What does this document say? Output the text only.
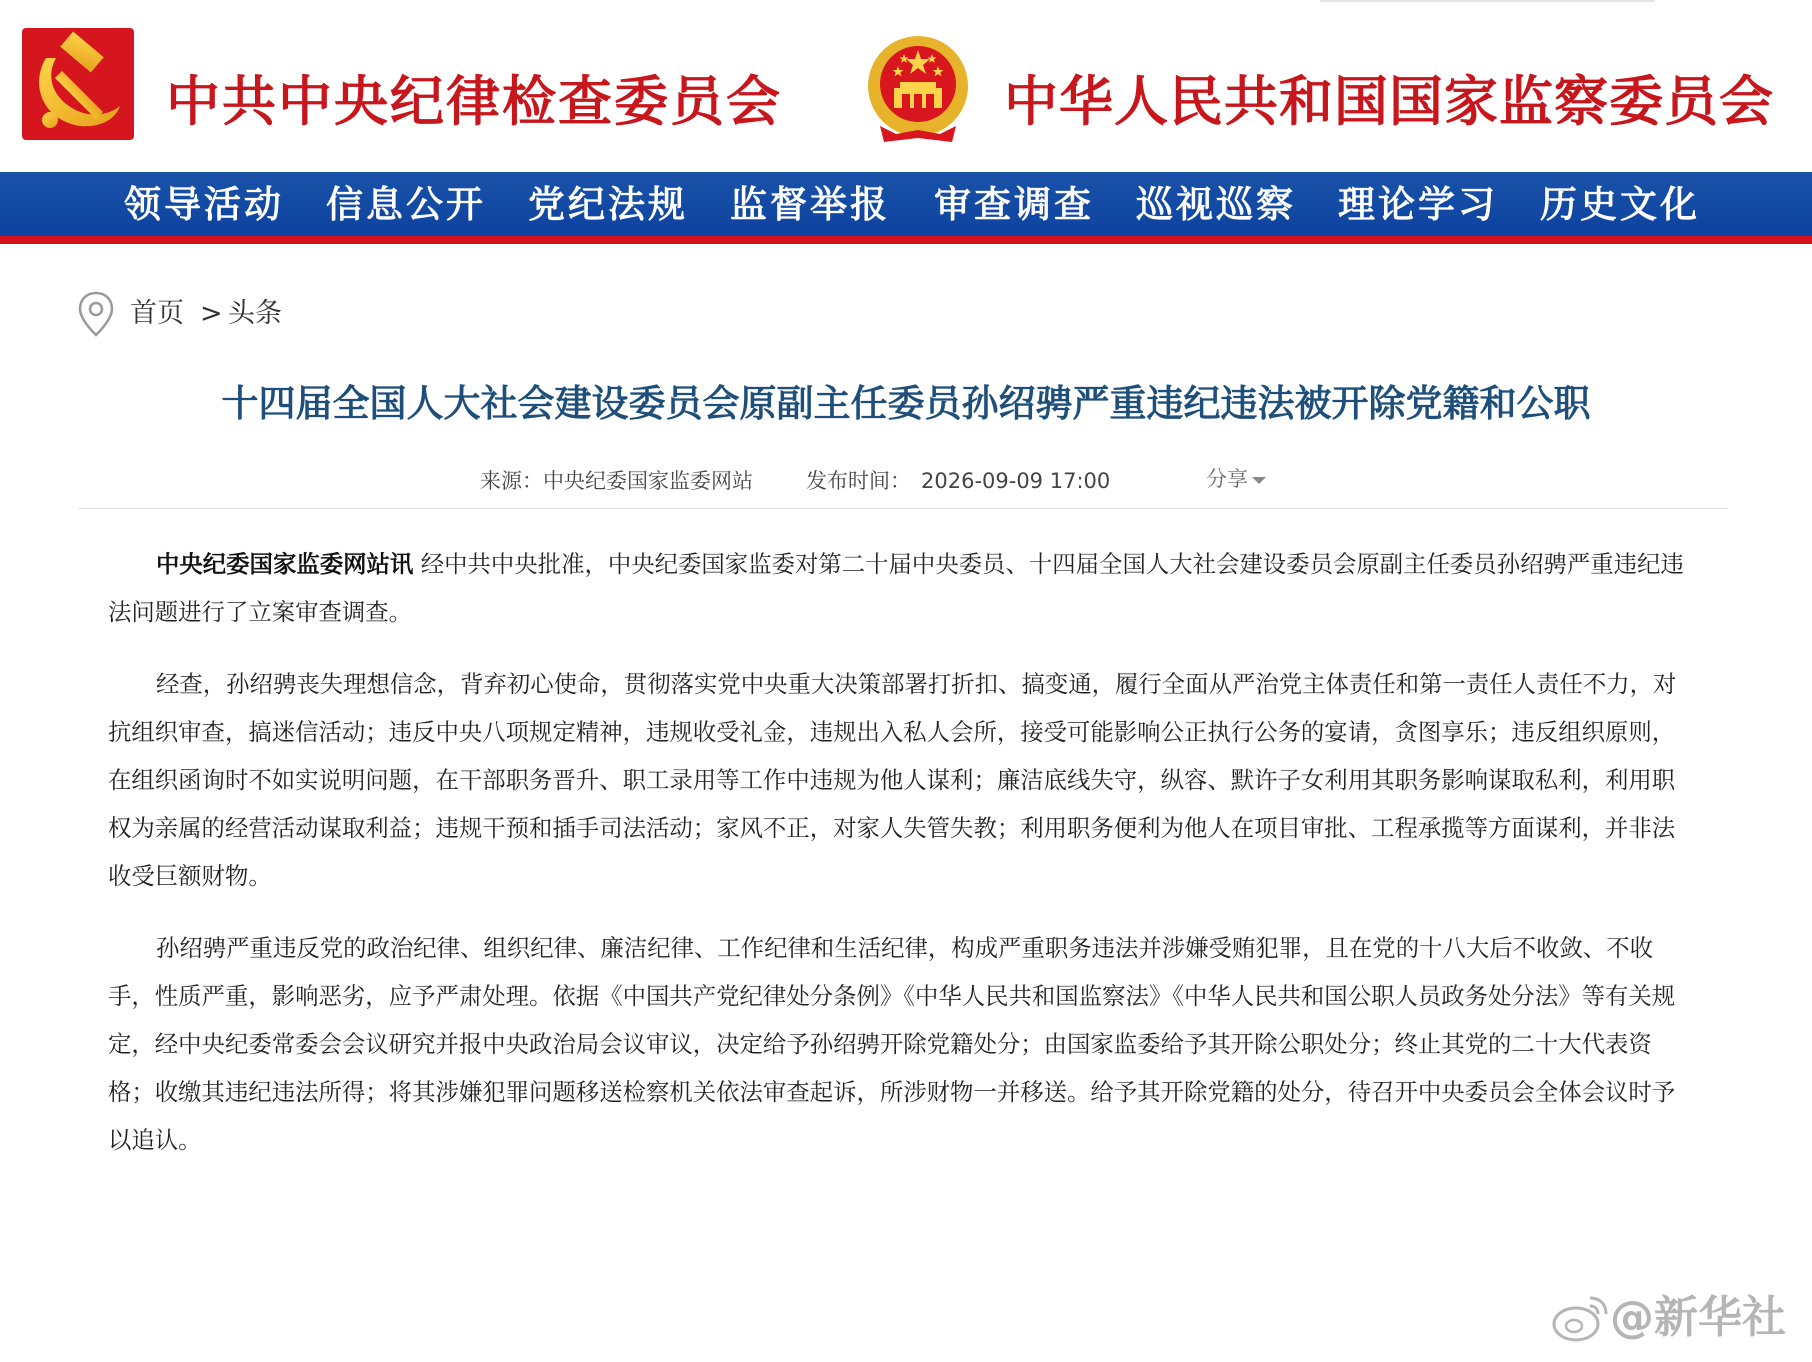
中共中央纪律检查委员会	中华人民共和国国家监察委员会
领导活动 信息公开 党纪法规 监督举报 审查调查 巡视巡察 理论学习 历史文化
首页 > 头条
十四届全国人大社会建设委员会原副主任委员孙绍骋严重违纪违法被开除党籍和公职
来源：中央纪委国家监委网站	发布时间： 2026-09-09 17:00	分享

中央纪委国家监委网站讯 经中共中央批准，中央纪委国家监委对第二十届中央委员、十四届全国人大社会建设委员会原副主任委员孙绍骋严重违纪违法问题进行了立案审查调查。

经查，孙绍骋丧失理想信念，背弃初心使命，贯彻落实党中央重大决策部署打折扣、搞变通，履行全面从严治党主体责任和第一责任人责任不力，对抗组织审查，搞迷信活动；违反中央八项规定精神，违规收受礼金，违规出入私人会所，接受可能影响公正执行公务的宴请，贪图享乐；违反组织原则，在组织函询时不如实说明问题，在干部职务晋升、职工录用等工作中违规为他人谋利；廉洁底线失守，纵容、默许子女利用其职务影响谋取私利，利用职权为亲属的经营活动谋取利益；违规干预和插手司法活动；家风不正，对家人失管失教；利用职务便利为他人在项目审批、工程承揽等方面谋利，并非法收受巨额财物。

孙绍骋严重违反党的政治纪律、组织纪律、廉洁纪律、工作纪律和生活纪律，构成严重职务违法并涉嫌受贿犯罪，且在党的十八大后不收敛、不收手，性质严重，影响恶劣，应予严肃处理。依据《中国共产党纪律处分条例》《中华人民共和国监察法》《中华人民共和国公职人员政务处分法》等有关规定，经中央纪委常委会会议研究并报中央政治局会议审议，决定给予孙绍骋开除党籍处分；由国家监委给予其开除公职处分；终止其党的二十大代表资格；收缴其违纪违法所得；将其涉嫌犯罪问题移送检察机关依法审查起诉，所涉财物一并移送。给予其开除党籍的处分，待召开中央委员会全体会议时予以追认。

@新华社
